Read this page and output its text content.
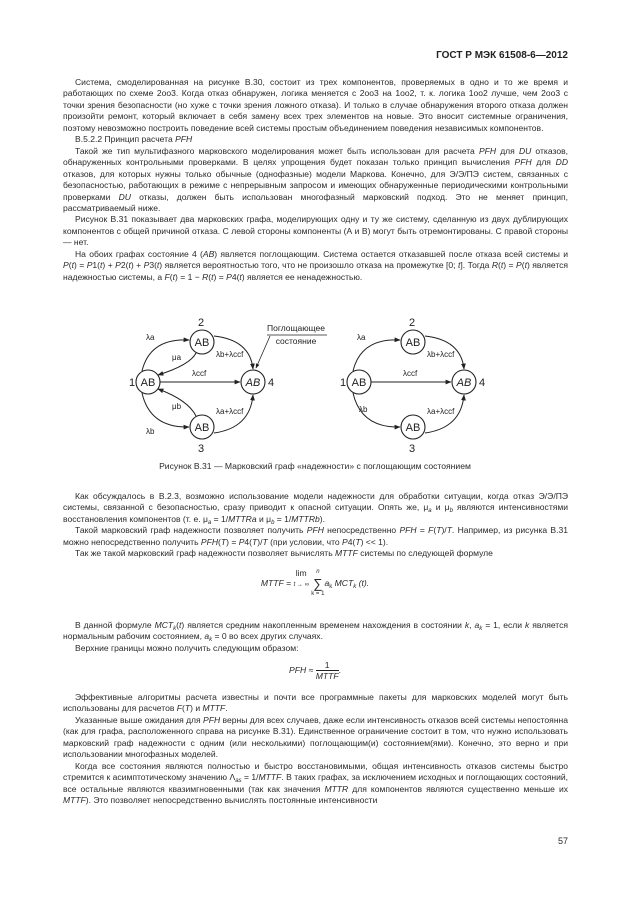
ГОСТ Р МЭК 61508-6—2012

Система, смоделированная на рисунке В.30, состоит из трех компонентов, проверяемых в одно и то же время и работающих по схеме 2oo3. Когда отказ обнаружен, логика меняется с 2oo3 на 1oo2, т. к. логика 1oo2 лучше, чем 2oo3 с точки зрения безопасности (но хуже с точки зрения ложного отказа). И только в случае обнаружения второго отказа должен произойти ремонт, который включает в себя замену всех трех элементов на новые. Это вносит системные ограничения, поэтому невозможно построить поведение всей системы простым объединением поведения независимых компонентов.

В.5.2.2 Принцип расчета PFH

Такой же тип мультифазного марковского моделирования может быть использован для расчета PFH для DU отказов, обнаруженных контрольными проверками. В целях упрощения будет показан только принцип вычисления PFH для DD отказов, для которых нужны только обычные (однофазные) модели Маркова. Конечно, для Э/Э/ПЭ систем, связанных с безопасностью, работающих в режиме с непрерывным запросом и имеющих обнаруженные периодическими контрольными проверками DU отказы, должен быть использован многофазный марковский подход. Это не меняет принцип, рассматриваемый ниже.

Рисунок В.31 показывает два марковских графа, моделирующих одну и ту же систему, сделанную из двух дублирующих компонентов с общей причиной отказа. С левой стороны компоненты (А и В) могут быть отремонтированы. С правой стороны — нет.

На обоих графах состояние 4 (AB) является поглощающим. Система остается отказавшей после отказа всей системы и P(t) = P1(t) + P2(t) + P3(t) является вероятностью того, что не произошло отказа на промежутке [0; t]. Тогда R(t) = P(t) является надежностью системы, а F(t) = 1 − R(t) = P4(t) является ее ненадежностью.

AB
AB
AB
AB
1
2
3
4
λa
λb+λccf
λccf
λa+λccf
μa
μb
λb
AB
AB
AB
AB
1
2
3
4
λa
λb+λccf
λccf
λa+λccf
λb
Поглощающее
состояние
Рисунок В.31 — Марковский граф «надежности» с поглощающим состоянием

Как обсуждалось в В.2.3, возможно использование модели надежности для обработки ситуации, когда отказ Э/Э/ПЭ системы, связанной с безопасностью, сразу приводит к опасной ситуации. Опять же, $\mu_a$ и $\mu_b$ являются интенсивностями восстановления компонентов (т. е. $\mu_a$ = 1/MTTRa и $\mu_b$ = 1/MTTRb).

Такой марковский граф надежности позволяет получить PFH непосредственно PFH = F(T)/T. Например, из рисунка В.31 можно непосредственно получить PFH(T) = P4(T)/T (при условии, что P4(T) << 1).

Так же такой марковский граф надежности позволяет вычислять MTTF системы по следующей формуле

MTTF = lim
t → ∞
n
∑
k = 1
$a_k$ $MCT_k$ (t).

В данной формуле $MCT_k(t)$ является средним накопленным временем нахождения в состоянии k, $a_k = 1$, если k является нормальным рабочим состоянием, $a_k = 0$ во всех других случаях.

Верхние границы можно получить следующим образом:

PFH ≈ $\frac{1}{\text{MTTF}}$ .

Эффективные алгоритмы расчета известны и почти все программные пакеты для марковских моделей могут быть использованы для расчетов F(T) и MTTF.

Указанные выше ожидания для PFH верны для всех случаев, даже если интенсивность отказов всей системы непостоянна (как для графа, расположенного справа на рисунке В.31). Единственное ограничение состоит в том, что нужно использовать марковский граф надежности с одним (или несколькими) поглощающим(и) состоянием(ями). Конечно, это верно и при использовании многофазных моделей.

Когда все состояния являются полностью и быстро восстановимыми, общая интенсивность отказов системы быстро стремится к асимптотическому значению $\Lambda_{as}$ = 1/MTTF. В таких графах, за исключением исходных и поглощающих состояний, все остальные являются квазимгновенными (так как значения MTTR для компонентов являются существенно меньше их MTTF). Это позволяет непосредственно вычислять постоянные интенсивности

57
